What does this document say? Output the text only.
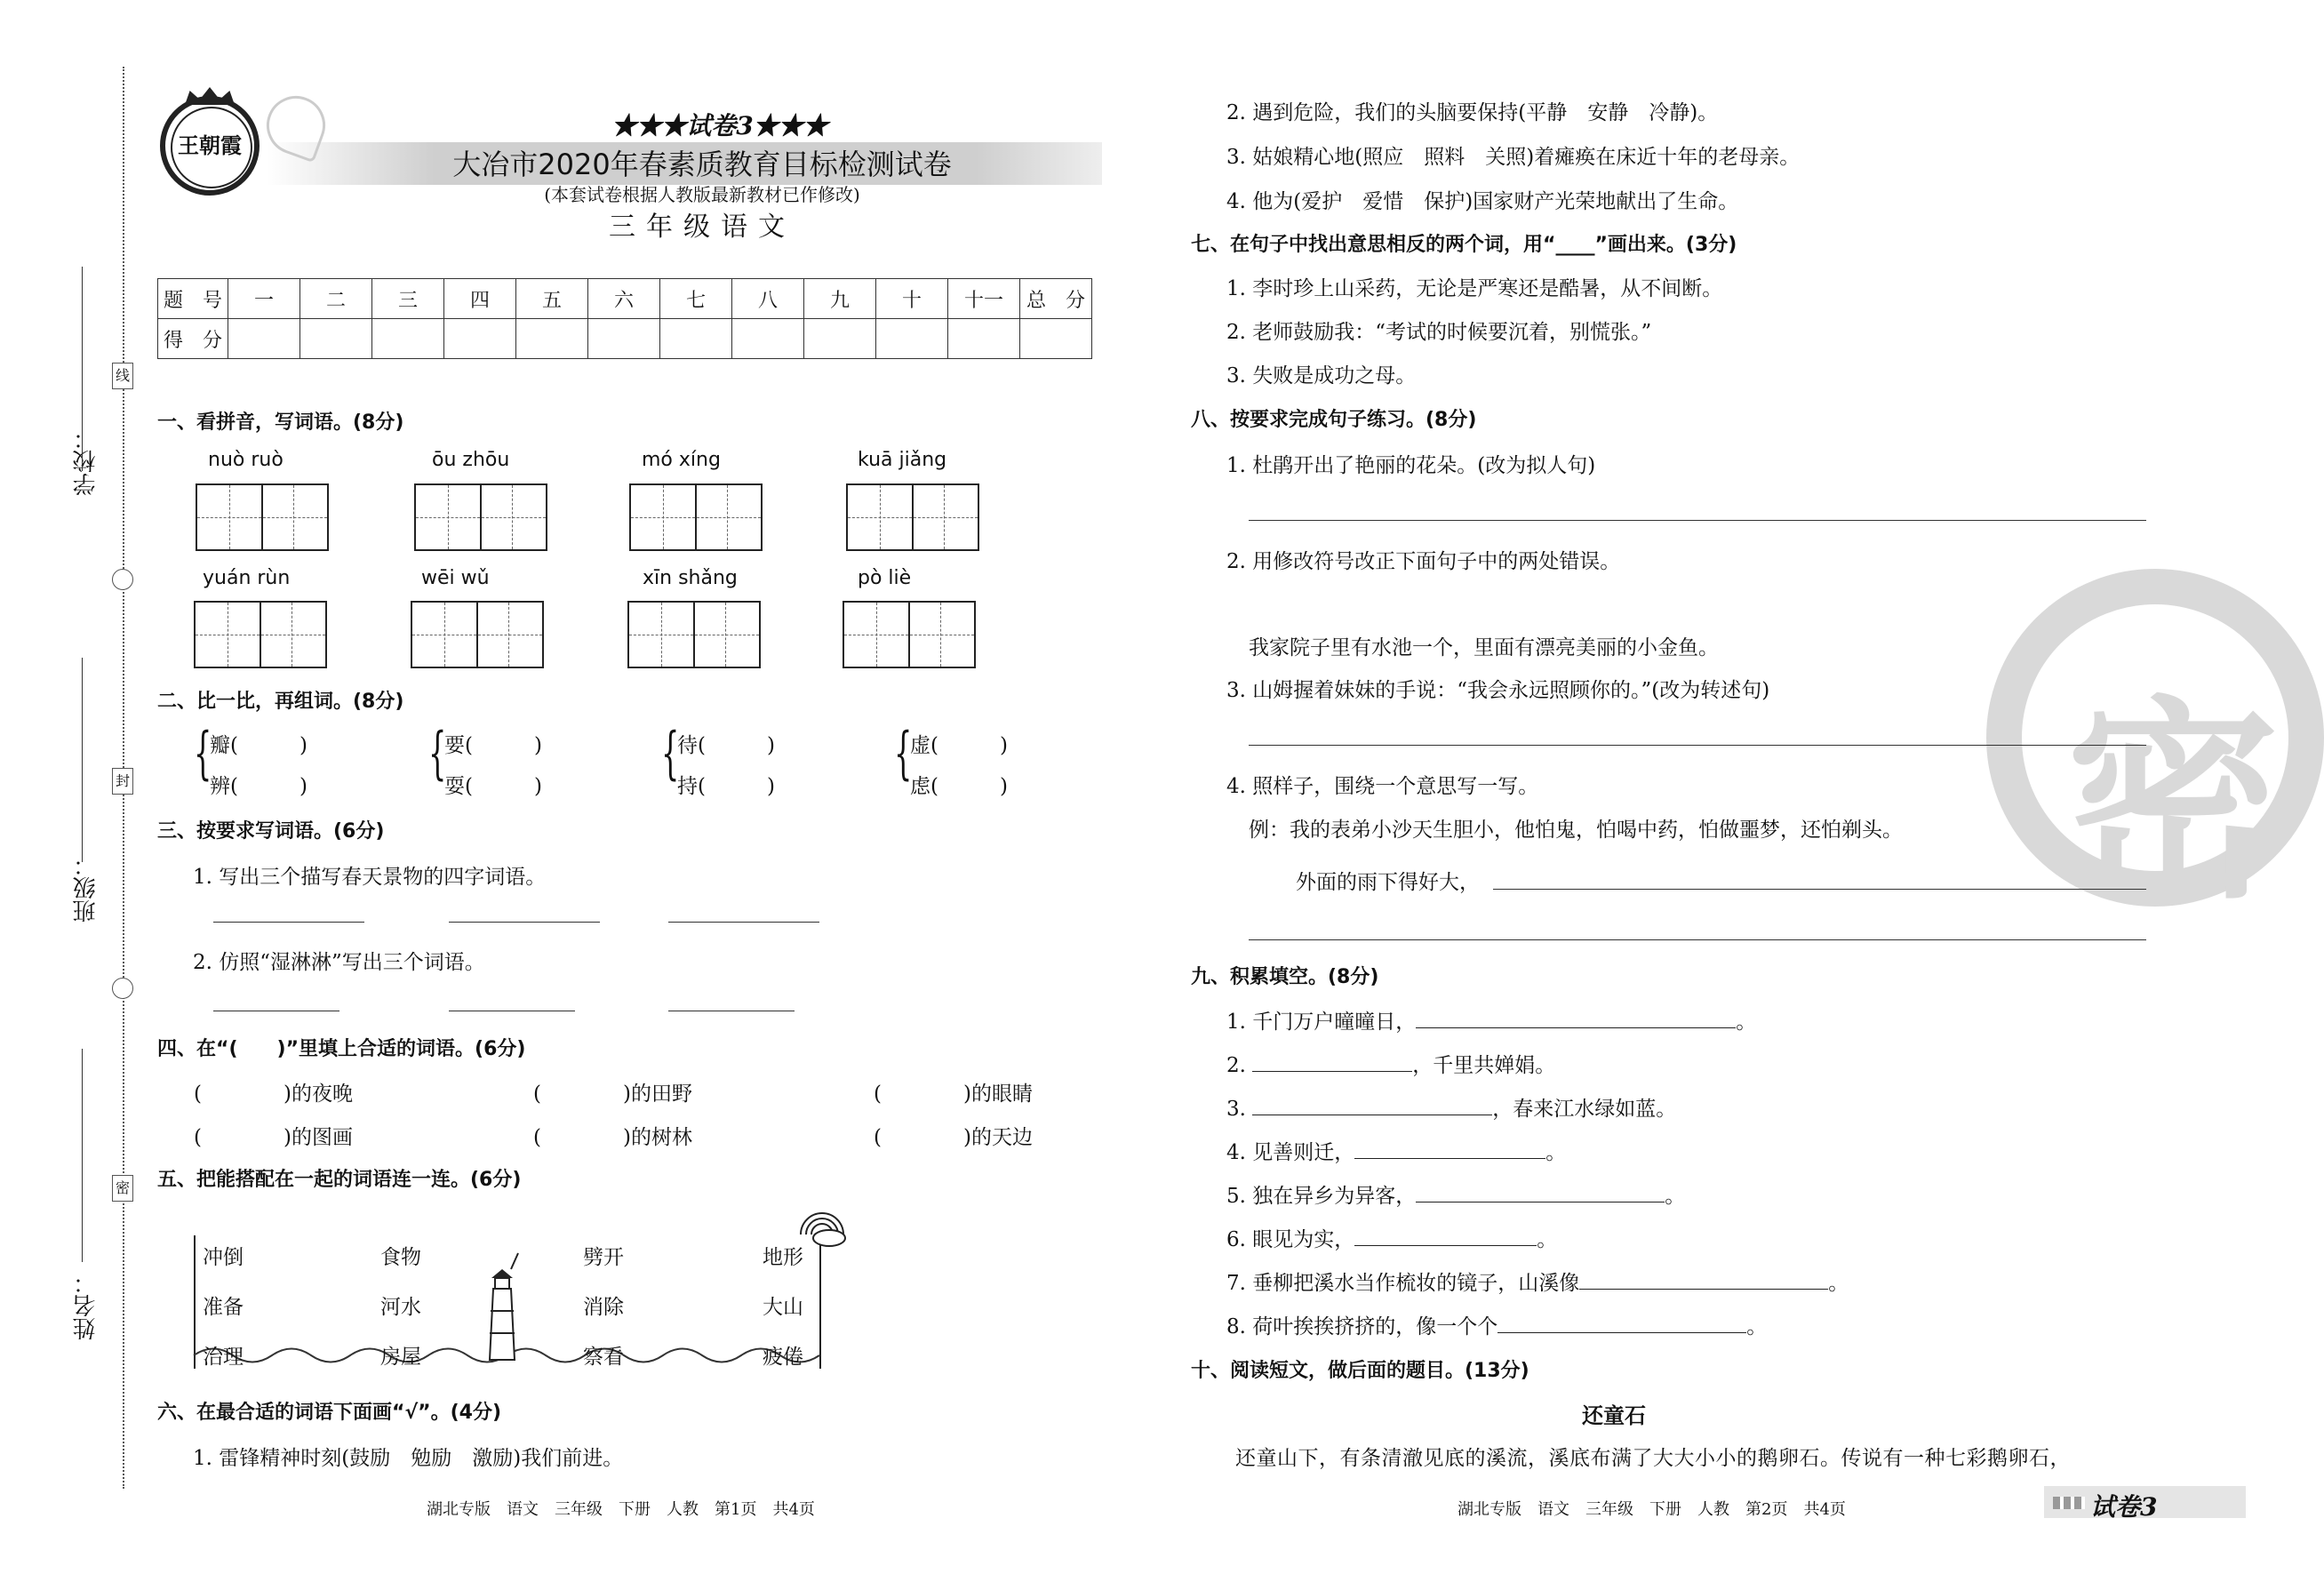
学校：
班级：
姓名：
线
封
密
王朝霞
★★★试卷3★★★
大冶市2020年春素质教育目标检测试卷
(本套试卷根据人教版最新教材已作修改)
三年级语文
题　号	一	二	三	四	五	六	七	八	九	十	十一	总　分
得　分												
一、看拼音，写词语。(8分)
nuò ruò	ōu zhōu	mó xíng	kuā jiǎng
yuán rùn	wēi wǔ	xīn shǎng	pò liè
二、比一比，再组词。(8分)
{
瓣(　　　)
辨(　　　) {
要(　　　)
耍(　　　) {
待(　　　)
持(　　　) {
虚(　　　)
虑(　　　)
三、按要求写词语。(6分)
1. 写出三个描写春天景物的四字词语。
2. 仿照“湿淋淋”写出三个词语。
四、在“(　　)”里填上合适的词语。(6分)
(　　　　)的夜晚	(　　　　)的田野	(　　　　)的眼睛
(　　　　)的图画	(　　　　)的树林	(　　　　)的天边
五、把能搭配在一起的词语连一连。(6分)
冲倒
准备
治理
食物
河水
房屋
劈开
消除
察看
地形
大山
疲倦
六、在最合适的词语下面画“√”。(4分)
1. 雷锋精神时刻(鼓励　勉励　激励)我们前进。
湖北专版　语文　三年级　下册　人教　第1页　共4页
密
2. 遇到危险，我们的头脑要保持(平静　安静　冷静)。
3. 姑娘精心地(照应　照料　关照)着瘫痪在床近十年的老母亲。
4. 他为(爱护　爱惜　保护)国家财产光荣地献出了生命。
七、在句子中找出意思相反的两个词，用“____”画出来。(3分)
1. 李时珍上山采药，无论是严寒还是酷暑，从不间断。
2. 老师鼓励我：“考试的时候要沉着，别慌张。”
3. 失败是成功之母。
八、按要求完成句子练习。(8分)
1. 杜鹃开出了艳丽的花朵。(改为拟人句)
2. 用修改符号改正下面句子中的两处错误。
我家院子里有水池一个，里面有漂亮美丽的小金鱼。
3. 山姆握着妹妹的手说：“我会永远照顾你的。”(改为转述句)
4. 照样子，围绕一个意思写一写。
例：我的表弟小沙天生胆小，他怕鬼，怕喝中药，怕做噩梦，还怕剃头。
外面的雨下得好大，
九、积累填空。(8分)
1. 千门万户曈曈日，	。
2.	，千里共婵娟。
3.	，春来江水绿如蓝。
4. 见善则迁，	。
5. 独在异乡为异客，	。
6. 眼见为实，	。
7. 垂柳把溪水当作梳妆的镜子，山溪像	。
8. 荷叶挨挨挤挤的，像一个个	。
十、阅读短文，做后面的题目。(13分)
还童石
还童山下，有条清澈见底的溪流，溪底布满了大大小小的鹅卵石。传说有一种七彩鹅卵石，
湖北专版　语文　三年级　下册　人教　第2页　共4页	试卷3
